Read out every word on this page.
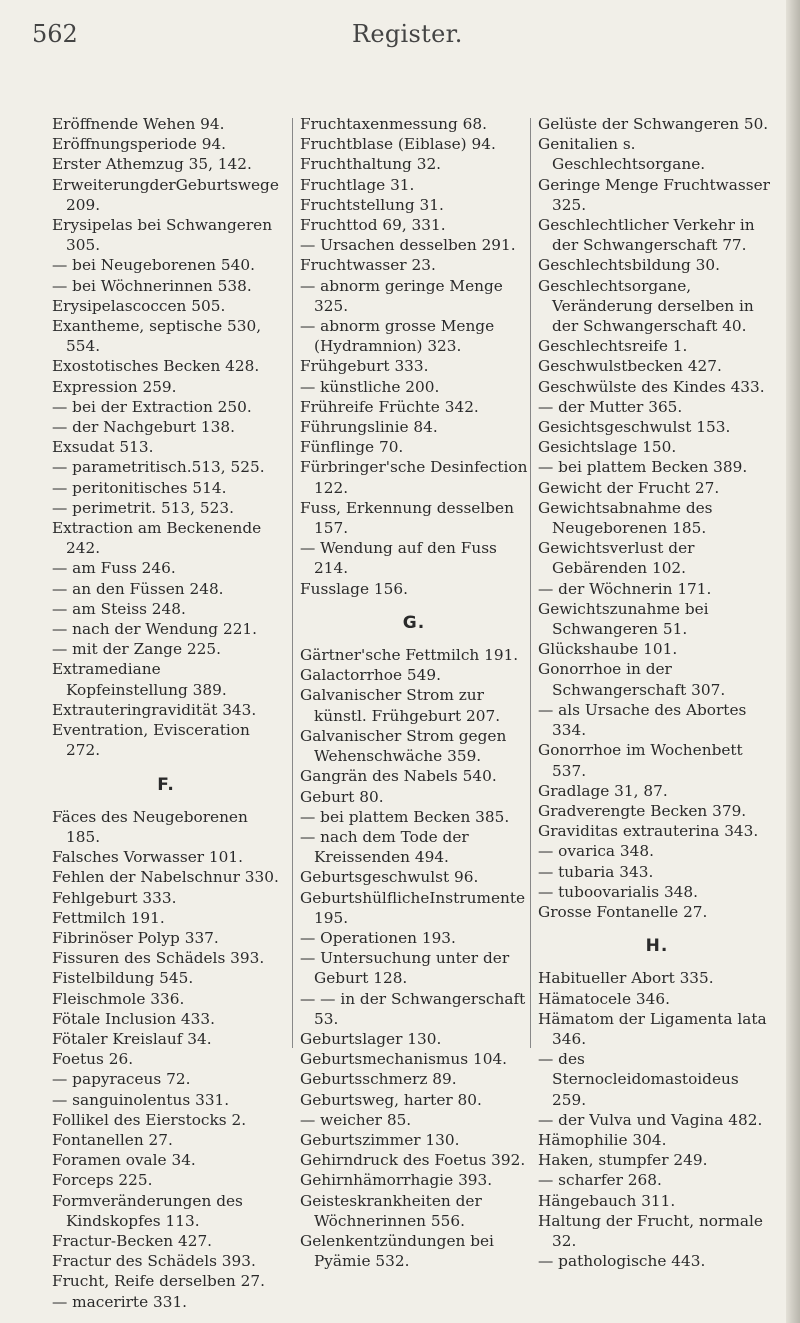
562	Register.
Eröffnende Wehen 94.
Eröffnungsperiode 94.
Erster Athemzug 35, 142.
ErweiterungderGeburtswege 209.
Erysipelas bei Schwangeren 305.
— bei Neugeborenen 540.
— bei Wöchnerinnen 538.
Erysipelascoccen 505.
Exantheme, septische 530, 554.
Exostotisches Becken 428.
Expression 259.
— bei der Extraction 250.
— der Nachgeburt 138.
Exsudat 513.
— parametritisch.513, 525.
— peritonitisches 514.
— perimetrit. 513, 523.
Extraction am Beckenende 242.
— am Fuss 246.
— an den Füssen 248.
— am Steiss 248.
— nach der Wendung 221.
— mit der Zange 225.
Extramediane Kopfeinstellung 389.
Extrauteringravidität 343.
Eventration, Evisceration 272.
F.
Fäces des Neugeborenen 185.
Falsches Vorwasser 101.
Fehlen der Nabelschnur 330.
Fehlgeburt 333.
Fettmilch 191.
Fibrinöser Polyp 337.
Fissuren des Schädels 393.
Fistelbildung 545.
Fleischmole 336.
Fötale Inclusion 433.
Fötaler Kreislauf 34.
Foetus 26.
— papyraceus 72.
— sanguinolentus 331.
Follikel des Eierstocks 2.
Fontanellen 27.
Foramen ovale 34.
Forceps 225.
Formveränderungen des Kindskopfes 113.
Fractur-Becken 427.
Fractur des Schädels 393.
Frucht, Reife derselben 27.
— macerirte 331.
Fruchtaxenmessung 68.
Fruchtblase (Eiblase) 94.
Fruchthaltung 32.
Fruchtlage 31.
Fruchtstellung 31.
Fruchttod 69, 331.
— Ursachen desselben 291.
Fruchtwasser 23.
— abnorm geringe Menge 325.
— abnorm grosse Menge (Hydramnion) 323.
Frühgeburt 333.
— künstliche 200.
Frühreife Früchte 342.
Führungslinie 84.
Fünflinge 70.
Fürbringer'sche Desinfection 122.
Fuss, Erkennung desselben 157.
— Wendung auf den Fuss 214.
Fusslage 156.
G.
Gärtner'sche Fettmilch 191.
Galactorrhoe 549.
Galvanischer Strom zur künstl. Frühgeburt 207.
Galvanischer Strom gegen Wehenschwäche 359.
Gangrän des Nabels 540.
Geburt 80.
— bei plattem Becken 385.
— nach dem Tode der Kreissenden 494.
Geburtsgeschwulst 96.
GeburtshülflicheInstrumente 195.
— Operationen 193.
— Untersuchung unter der Geburt 128.
— — in der Schwangerschaft 53.
Geburtslager 130.
Geburtsmechanismus 104.
Geburtsschmerz 89.
Geburtsweg, harter 80.
— weicher 85.
Geburtszimmer 130.
Gehirndruck des Foetus 392.
Gehirnhämorrhagie 393.
Geisteskrankheiten der Wöchnerinnen 556.
Gelenkentzündungen bei Pyämie 532.
Gelüste der Schwangeren 50.
Genitalien s. Geschlechtsorgane.
Geringe Menge Fruchtwasser 325.
Geschlechtlicher Verkehr in der Schwangerschaft 77.
Geschlechtsbildung 30.
Geschlechtsorgane, Veränderung derselben in der Schwangerschaft 40.
Geschlechtsreife 1.
Geschwulstbecken 427.
Geschwülste des Kindes 433.
— der Mutter 365.
Gesichtsgeschwulst 153.
Gesichtslage 150.
— bei plattem Becken 389.
Gewicht der Frucht 27.
Gewichtsabnahme des Neugeborenen 185.
Gewichtsverlust der Gebärenden 102.
— der Wöchnerin 171.
Gewichtszunahme bei Schwangeren 51.
Glückshaube 101.
Gonorrhoe in der Schwangerschaft 307.
— als Ursache des Abortes 334.
Gonorrhoe im Wochenbett 537.
Gradlage 31, 87.
Gradverengte Becken 379.
Graviditas extrauterina 343.
— ovarica 348.
— tubaria 343.
— tuboovarialis 348.
Grosse Fontanelle 27.
H.
Habitueller Abort 335.
Hämatocele 346.
Hämatom der Ligamenta lata 346.
— des Sternocleidomastoideus 259.
— der Vulva und Vagina 482.
Hämophilie 304.
Haken, stumpfer 249.
— scharfer 268.
Hängebauch 311.
Haltung der Frucht, normale 32.
— pathologische 443.
